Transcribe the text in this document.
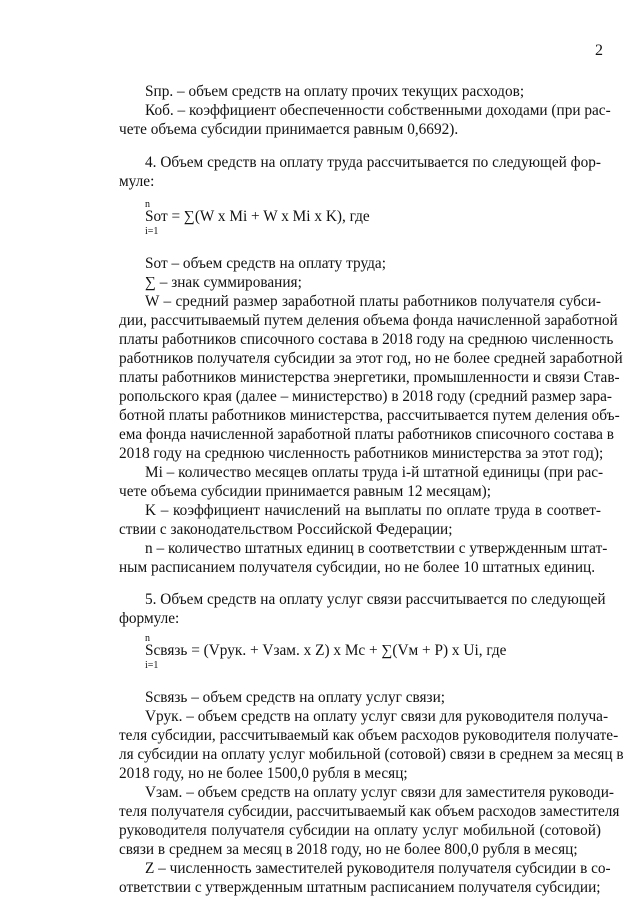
2
Sпр. – объем средств на оплату прочих текущих расходов;
Коб. – коэффициент обеспеченности собственными доходами (при рас-
чете объема субсидии принимается равным 0,6692).
4. Объем средств на оплату труда рассчитывается по следующей фор-
муле:
n
Sот = ∑(W x Mi + W x Mi x K), где
i=1
Sот – объем средств на оплату труда;
∑ – знак суммирования;
W – средний размер заработной платы работников получателя субси-
дии, рассчитываемый путем деления объема фонда начисленной заработной
платы работников списочного состава в 2018 году на среднюю численность
работников получателя субсидии за этот год, но не более средней заработной
платы работников министерства энергетики, промышленности и связи Став-
ропольского края (далее – министерство) в 2018 году (средний размер зара-
ботной платы работников министерства, рассчитывается путем деления объ-
ема фонда начисленной заработной платы работников списочного состава в
2018 году на среднюю численность работников министерства за этот год);
Mi – количество месяцев оплаты труда i-й штатной единицы (при рас-
чете объема субсидии принимается равным 12 месяцам);
K – коэффициент начислений на выплаты по оплате труда в соответ-
ствии с законодательством Российской Федерации;
n – количество штатных единиц в соответствии с утвержденным штат-
ным расписанием получателя субсидии, но не более 10 штатных единиц.
5. Объем средств на оплату услуг связи рассчитывается по следующей
формуле:
n
Sсвязь = (Vрук. + Vзам. x Z) x Mc + ∑(Vм + P) x Ui, где
i=1
Sсвязь – объем средств на оплату услуг связи;
Vрук. – объем средств на оплату услуг связи для руководителя получа-
теля субсидии, рассчитываемый как объем расходов руководителя получате-
ля субсидии на оплату услуг мобильной (сотовой) связи в среднем за месяц в
2018 году, но не более 1500,0 рубля в месяц;
Vзам. – объем средств на оплату услуг связи для заместителя руководи-
теля получателя субсидии, рассчитываемый как объем расходов заместителя
руководителя получателя субсидии на оплату услуг мобильной (сотовой)
связи в среднем за месяц в 2018 году, но не более 800,0 рубля в месяц;
Z – численность заместителей руководителя получателя субсидии в со-
ответствии с утвержденным штатным расписанием получателя субсидии;
